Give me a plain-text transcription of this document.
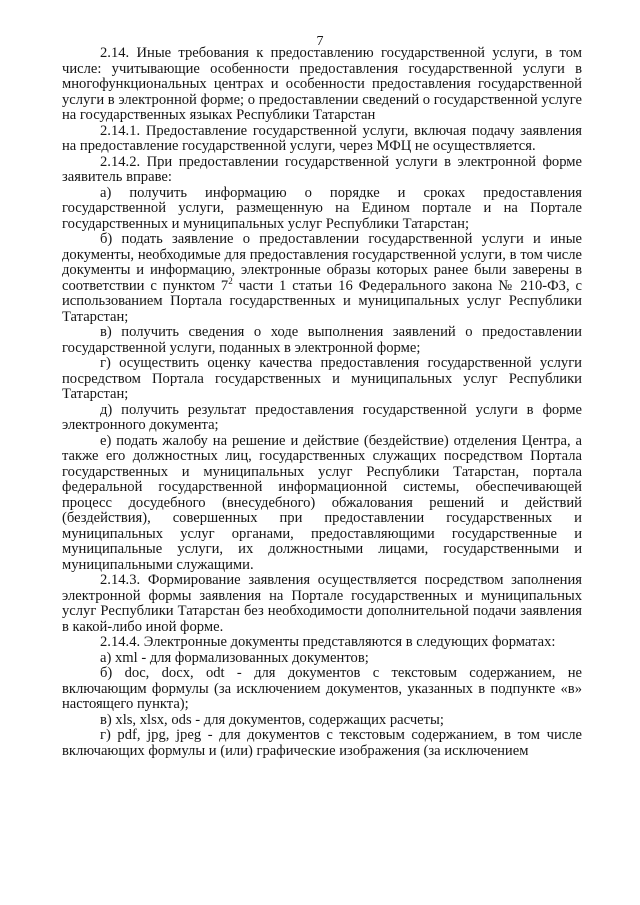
7

2.14. Иные требования к предоставлению государственной услуги, в том числе: учитывающие особенности предоставления государственной услуги в многофункциональных центрах и особенности предоставления государственной услуги в электронной форме; о предоставлении сведений о государственной услуге на государственных языках Республики Татарстан

2.14.1. Предоставление государственной услуги, включая подачу заявления на предоставление государственной услуги, через МФЦ не осуществляется.

2.14.2. При предоставлении государственной услуги в электронной форме заявитель вправе:

а) получить информацию о порядке и сроках предоставления государственной услуги, размещенную на Едином портале и на Портале государственных и муниципальных услуг Республики Татарстан;

б) подать заявление о предоставлении государственной услуги и иные документы, необходимые для предоставления государственной услуги, в том числе документы и информацию, электронные образы которых ранее были заверены в соответствии с пунктом $7^2$ части 1 статьи 16 Федерального закона № 210-ФЗ, с использованием Портала государственных и муниципальных услуг Республики Татарстан;

в) получить сведения о ходе выполнения заявлений о предоставлении государственной услуги, поданных в электронной форме;

г) осуществить оценку качества предоставления государственной услуги посредством Портала государственных и муниципальных услуг Республики Татарстан;

д) получить результат предоставления государственной услуги в форме электронного документа;

е) подать жалобу на решение и действие (бездействие) отделения Центра, а также его должностных лиц, государственных служащих посредством Портала государственных и муниципальных услуг Республики Татарстан, портала федеральной государственной информационной системы, обеспечивающей процесс досудебного (внесудебного) обжалования решений и действий (бездействия), совершенных при предоставлении государственных и муниципальных услуг органами, предоставляющими государственные и муниципальные услуги, их должностными лицами, государственными и муниципальными служащими.

2.14.3. Формирование заявления осуществляется посредством заполнения электронной формы заявления на Портале государственных и муниципальных услуг Республики Татарстан без необходимости дополнительной подачи заявления в какой-либо иной форме.

2.14.4. Электронные документы представляются в следующих форматах:

а) xml - для формализованных документов;

б) doc, docx, odt - для документов с текстовым содержанием, не включающим формулы (за исключением документов, указанных в подпункте «в» настоящего пункта);

в) xls, xlsx, ods - для документов, содержащих расчеты;

г) pdf, jpg, jpeg - для документов с текстовым содержанием, в том числе включающих формулы и (или) графические изображения (за исключением
